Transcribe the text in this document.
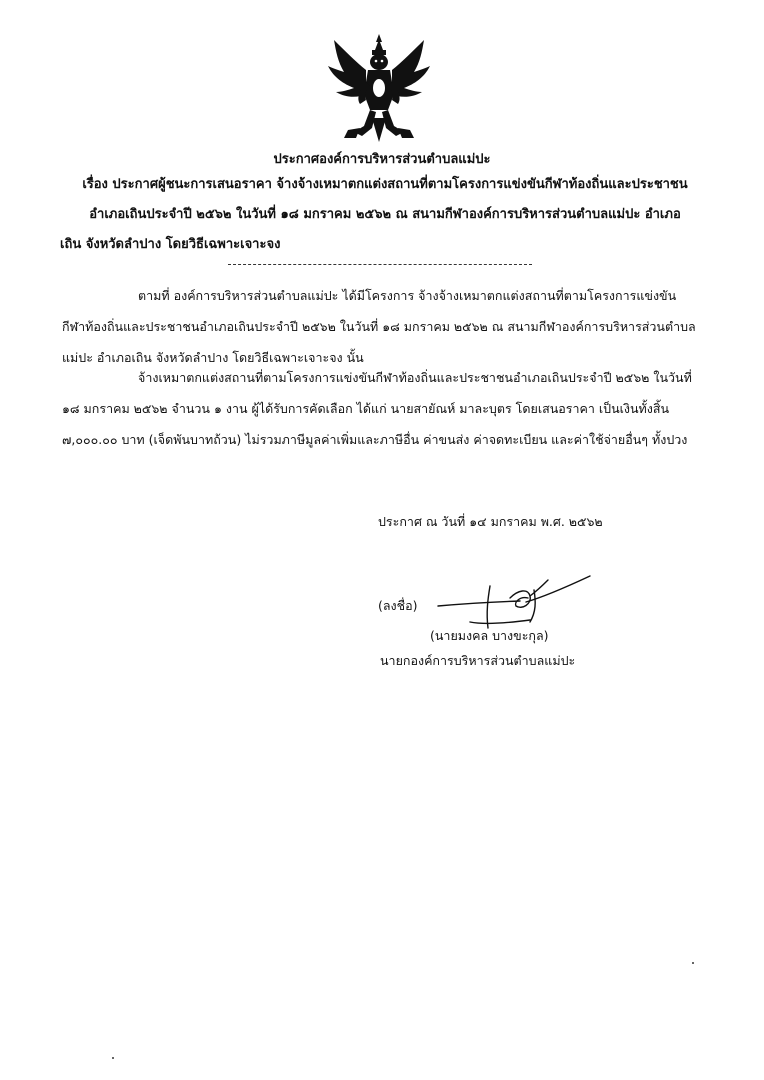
ประกาศองค์การบริหารส่วนตำบลแม่ปะ
เรื่อง ประกาศผู้ชนะการเสนอราคา จ้างจ้างเหมาตกแต่งสถานที่ตามโครงการแข่งขันกีฬาท้องถิ่นและประชาชน
อำเภอเถินประจำปี ๒๕๖๒ ในวันที่ ๑๘ มกราคม ๒๕๖๒ ณ สนามกีฬาองค์การบริหารส่วนตำบลแม่ปะ อำเภอ
เถิน จังหวัดลำปาง โดยวิธีเฉพาะเจาะจง

ตามที่ องค์การบริหารส่วนตำบลแม่ปะ ได้มีโครงการ จ้างจ้างเหมาตกแต่งสถานที่ตามโครงการแข่งขันกีฬาท้องถิ่นและประชาชนอำเภอเถินประจำปี ๒๕๖๒ ในวันที่ ๑๘ มกราคม ๒๕๖๒ ณ สนามกีฬาองค์การบริหารส่วนตำบลแม่ปะ อำเภอเถิน จังหวัดลำปาง โดยวิธีเฉพาะเจาะจง นั้น

จ้างเหมาตกแต่งสถานที่ตามโครงการแข่งขันกีฬาท้องถิ่นและประชาชนอำเภอเถินประจำปี ๒๕๖๒ ในวันที่ ๑๘ มกราคม ๒๕๖๒ จำนวน ๑ งาน ผู้ได้รับการคัดเลือก ได้แก่ นายสายัณห์ มาละบุตร โดยเสนอราคา เป็นเงินทั้งสิ้น ๗,๐๐๐.๐๐ บาท (เจ็ดพันบาทถ้วน) ไม่รวมภาษีมูลค่าเพิ่มและภาษีอื่น ค่าขนส่ง ค่าจดทะเบียน และค่าใช้จ่ายอื่นๆ ทั้งปวง

ประกาศ ณ วันที่ ๑๔ มกราคม พ.ศ. ๒๕๖๒
(ลงชื่อ)
(นายมงคล บางขะกุล)
นายกองค์การบริหารส่วนตำบลแม่ปะ
